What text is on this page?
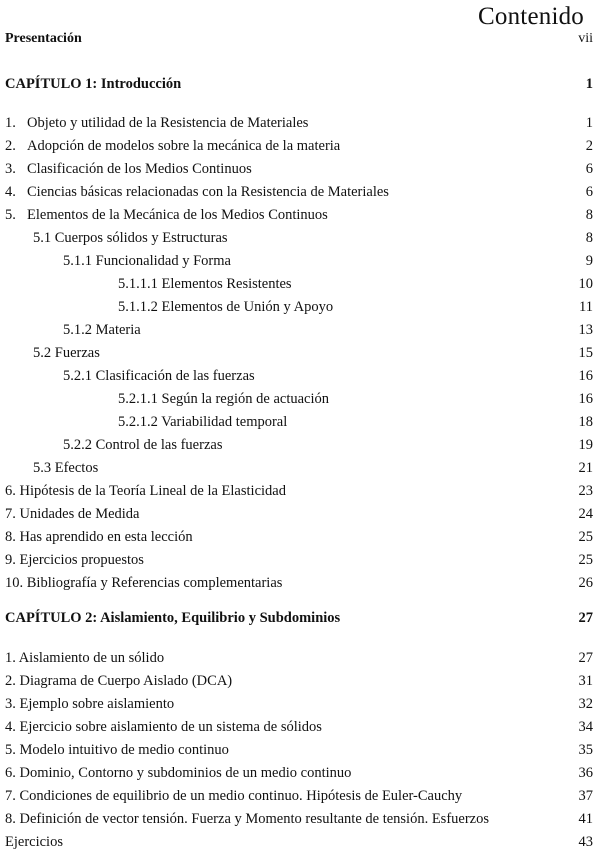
Contenido
Presentación	vii
CAPÍTULO 1: Introducción	1
1. Objeto y utilidad de la Resistencia de Materiales	1
2. Adopción de modelos sobre la mecánica de la materia	2
3. Clasificación de los Medios Continuos	6
4. Ciencias básicas relacionadas con la Resistencia de Materiales	6
5. Elementos de la Mecánica de los Medios Continuos	8
5.1 Cuerpos sólidos y Estructuras	8
5.1.1 Funcionalidad y Forma	9
5.1.1.1 Elementos Resistentes	10
5.1.1.2 Elementos de Unión y Apoyo	11
5.1.2 Materia	13
5.2 Fuerzas	15
5.2.1 Clasificación de las fuerzas	16
5.2.1.1 Según la región de actuación	16
5.2.1.2 Variabilidad temporal	18
5.2.2 Control de las fuerzas	19
5.3 Efectos	21
6. Hipótesis de la Teoría Lineal de la Elasticidad	23
7. Unidades de Medida	24
8. Has aprendido en esta lección	25
9. Ejercicios propuestos	25
10. Bibliografía y Referencias complementarias	26
CAPÍTULO 2: Aislamiento, Equilibrio y Subdominios	27
1. Aislamiento de un sólido	27
2. Diagrama de Cuerpo Aislado (DCA)	31
3. Ejemplo sobre aislamiento	32
4. Ejercicio sobre aislamiento de un sistema de sólidos	34
5. Modelo intuitivo de medio continuo	35
6. Dominio, Contorno y subdominios de un medio continuo	36
7. Condiciones de equilibrio de un medio continuo. Hipótesis de Euler-Cauchy	37
8. Definición de vector tensión. Fuerza y Momento resultante de tensión. Esfuerzos	41
Ejercicios	43
